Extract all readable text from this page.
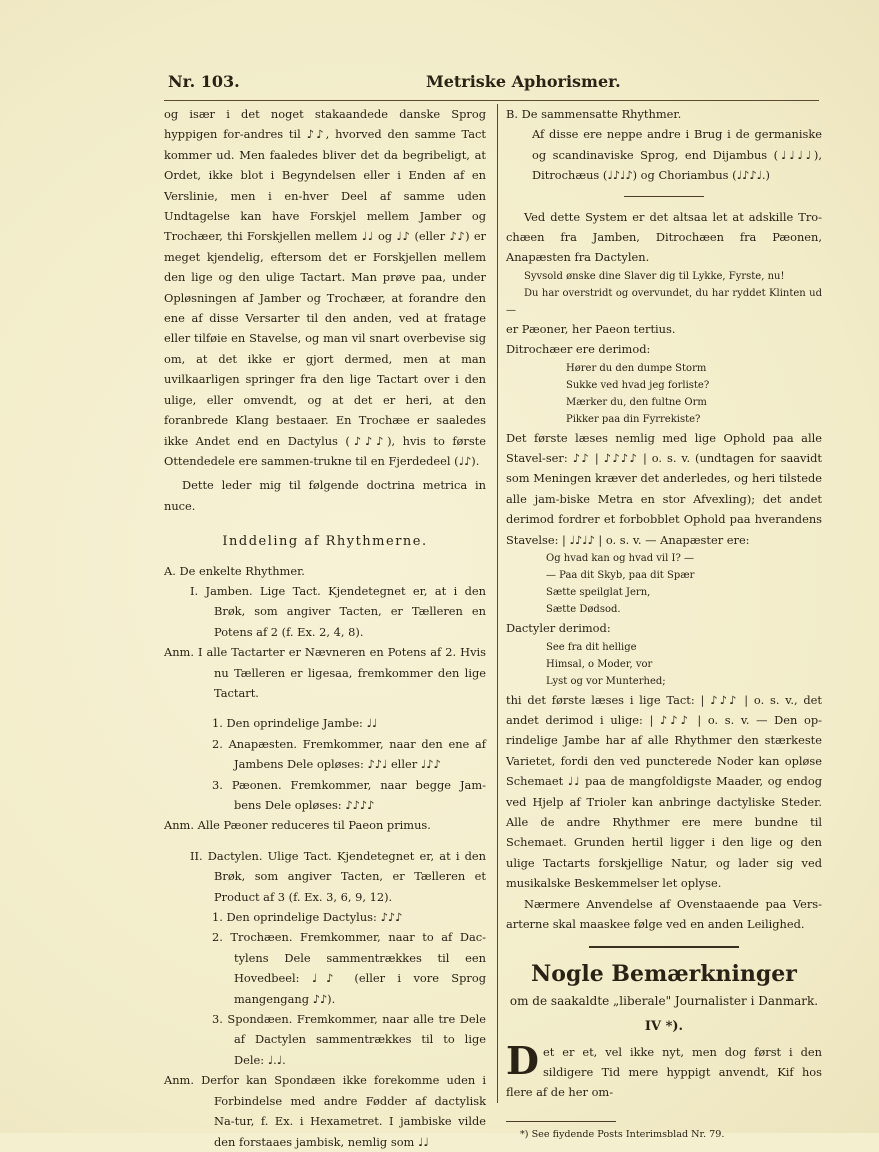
Nr. 103.	Metriske Aphorismer.

og især i det noget stakaandede danske Sprog hyppigen for-andres til ♪♪, hvorved den samme Tact kommer ud. Men faaledes bliver det da begribeligt, at Ordet, ikke blot i Begyndelsen eller i Enden af en Verslinie, men i en-hver Deel af samme uden Undtagelse kan have Forskjel mellem Jamber og Trochæer, thi Forskjellen mellem ♩♩ og ♩♪ (eller ♪♪) er meget kjendelig, eftersom det er Forskjellen mellem den lige og den ulige Tactart. Man prøve paa, under Opløsningen af Jamber og Trochæer, at forandre den ene af disse Versarter til den anden, ved at fratage eller tilføie en Stavelse, og man vil snart overbevise sig om, at det ikke er gjort dermed, men at man uvilkaarligen springer fra den lige Tactart over i den ulige, eller omvendt, og at det er heri, at den foranbrede Klang bestaaer. En Trochæe er saaledes ikke Andet end en Dactylus (♪♪♪), hvis to første Ottendedele ere sammen-trukne til en Fjerdedeel (♩♪).

Dette leder mig til følgende doctrina metrica in nuce.

Inddeling af Rhythmerne.

A. De enkelte Rhythmer.

I. Jamben. Lige Tact. Kjendetegnet er, at i den Brøk, som angiver Tacten, er Tælleren en Potens af 2 (f. Ex. 2, 4, 8).

Anm. I alle Tactarter er Nævneren en Potens af 2. Hvis nu Tælleren er ligesaa, fremkommer den lige Tactart.

1. Den oprindelige Jambe: ♩♩

2. Anapæsten. Fremkommer, naar den ene af Jambens Dele opløses: ♪♪♩ eller ♩♪♪

3. Pæonen. Fremkommer, naar begge Jam-bens Dele opløses: ♪♪♪♪

Anm. Alle Pæoner reduceres til Paeon primus.

II. Dactylen. Ulige Tact. Kjendetegnet er, at i den Brøk, som angiver Tacten, er Tælleren et Product af 3 (f. Ex. 3, 6, 9, 12).

1. Den oprindelige Dactylus: ♪♪♪

2. Trochæen. Fremkommer, naar to af Dac-tylens Dele sammentrækkes til een Hovedbeel: ♩♪ (eller i vore Sprog mangengang ♪♪).

3. Spondæen. Fremkommer, naar alle tre Dele af Dactylen sammentrækkes til to lige Dele: ♩.♩.

Anm. Derfor kan Spondæen ikke forekomme uden i Forbindelse med andre Fødder af dactylisk Na-tur, f. Ex. i Hexametret. I jambiske vilde den forstaaes jambisk, nemlig som ♩♩

B. De sammensatte Rhythmer.

Af disse ere neppe andre i Brug i de germaniske og scandinaviske Sprog, end Dijambus (♩♩♩♩), Ditrochæus (♩♪♩♪) og Choriambus (♩♪♪♩.)

Ved dette System er det altsaa let at adskille Tro-chæen fra Jamben, Ditrochæen fra Pæonen, Anapæsten fra Dactylen.

Syvsold ønske dine Slaver dig til Lykke, Fyrste, nu!

Du har overstridt og overvundet, du har ryddet Klinten ud —

er Pæoner, her Paeon tertius.

Ditrochæer ere derimod:

Hører du den dumpe Storm

Sukke ved hvad jeg forliste?

Mærker du, den fultne Orm

Pikker paa din Fyrrekiste?

Det første læses nemlig med lige Ophold paa alle Stavel-ser: ♪♪ | ♪♪♪♪ | o. s. v. (undtagen for saavidt som Meningen kræver det anderledes, og heri tilstede alle jam-biske Metra en stor Afvexling); det andet derimod fordrer et forbobblet Ophold paa hverandens Stavelse: | ♩♪♩♪ | o. s. v. — Anapæster ere:

Og hvad kan og hvad vil I? —

— Paa dit Skyb, paa dit Spær

Sætte speilglat Jern,

Sætte Dødsod.

Dactyler derimod:

See fra dit hellige

Himsal, o Moder, vor

Lyst og vor Munterhed;

thi det første læses i lige Tact: | ♪♪♪ | o. s. v., det andet derimod i ulige: | ♪♪♪ | o. s. v. — Den op-rindelige Jambe har af alle Rhythmer den stærkeste Varietet, fordi den ved puncterede Noder kan opløse Schemaet ♩♩ paa de mangfoldigste Maader, og endog ved Hjelp af Trioler kan anbringe dactyliske Steder. Alle de andre Rhythmer ere mere bundne til Schemaet. Grunden hertil ligger i den lige og den ulige Tactarts forskjellige Natur, og lader sig ved musikalske Beskemmelser let oplyse.

Nærmere Anvendelse af Ovenstaaende paa Vers-arterne skal maaskee følge ved en anden Leilighed.

Nogle Bemærkninger

om de saakaldte „liberale" Journalister i Danmark.

IV *).

Det er et, vel ikke nyt, men dog først i den sildigere Tid mere hyppigt anvendt, Kif hos flere af de her om-

*) See fiydende Posts Interimsblad Nr. 79.
